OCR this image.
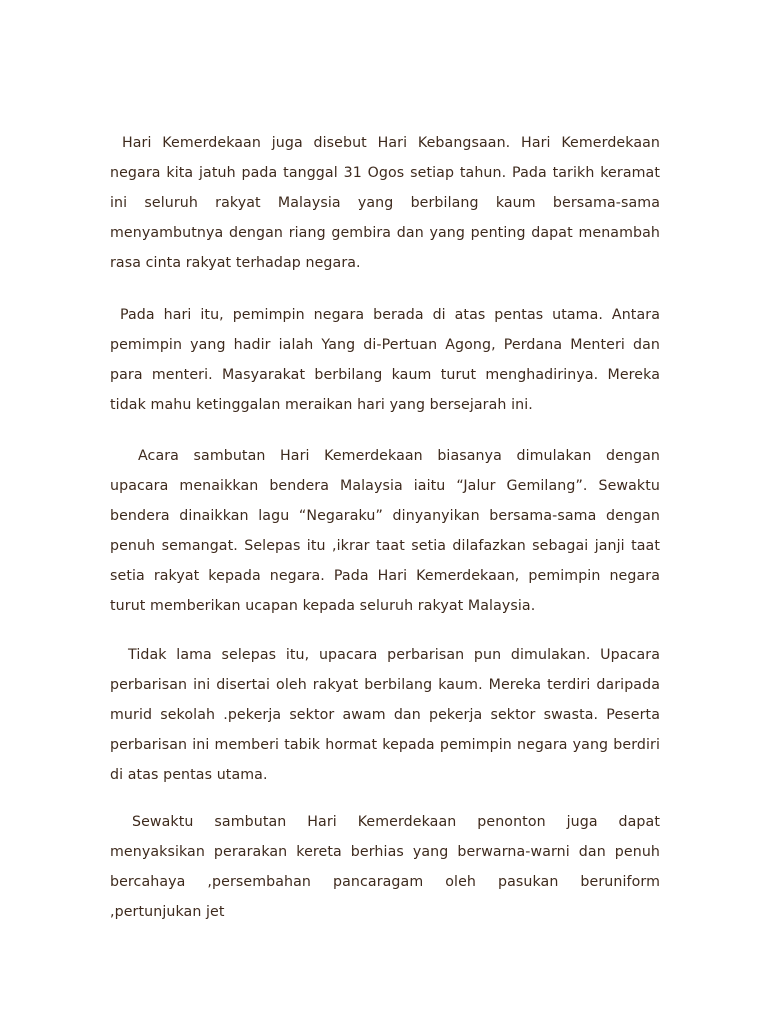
Hari Kemerdekaan juga disebut Hari Kebangsaan. Hari Kemerdekaan negara kita jatuh pada tanggal 31 Ogos setiap tahun. Pada tarikh keramat ini seluruh rakyat Malaysia yang berbilang kaum bersama-sama menyambutnya dengan riang gembira dan yang penting dapat menambah rasa cinta rakyat terhadap negara.

Pada hari itu, pemimpin negara berada di atas pentas utama. Antara pemimpin yang hadir ialah Yang di-Pertuan Agong, Perdana Menteri dan para menteri. Masyarakat berbilang kaum turut menghadirinya. Mereka tidak mahu ketinggalan meraikan hari yang bersejarah ini.

Acara sambutan Hari Kemerdekaan biasanya dimulakan dengan upacara menaikkan bendera Malaysia iaitu “Jalur Gemilang”. Sewaktu bendera dinaikkan lagu “Negaraku” dinyanyikan bersama-sama dengan penuh semangat. Selepas itu ,ikrar taat setia dilafazkan sebagai janji taat setia rakyat kepada negara. Pada Hari Kemerdekaan, pemimpin negara turut memberikan ucapan kepada seluruh rakyat Malaysia.

Tidak lama selepas itu, upacara perbarisan pun dimulakan. Upacara perbarisan ini disertai oleh rakyat berbilang kaum. Mereka terdiri daripada murid sekolah .pekerja sektor awam dan pekerja sektor swasta. Peserta perbarisan ini memberi tabik hormat kepada pemimpin negara yang berdiri di atas pentas utama.

Sewaktu sambutan Hari Kemerdekaan penonton juga dapat menyaksikan perarakan kereta berhias yang berwarna-warni dan penuh bercahaya ,persembahan pancaragam oleh pasukan beruniform ,pertunjukan jet
